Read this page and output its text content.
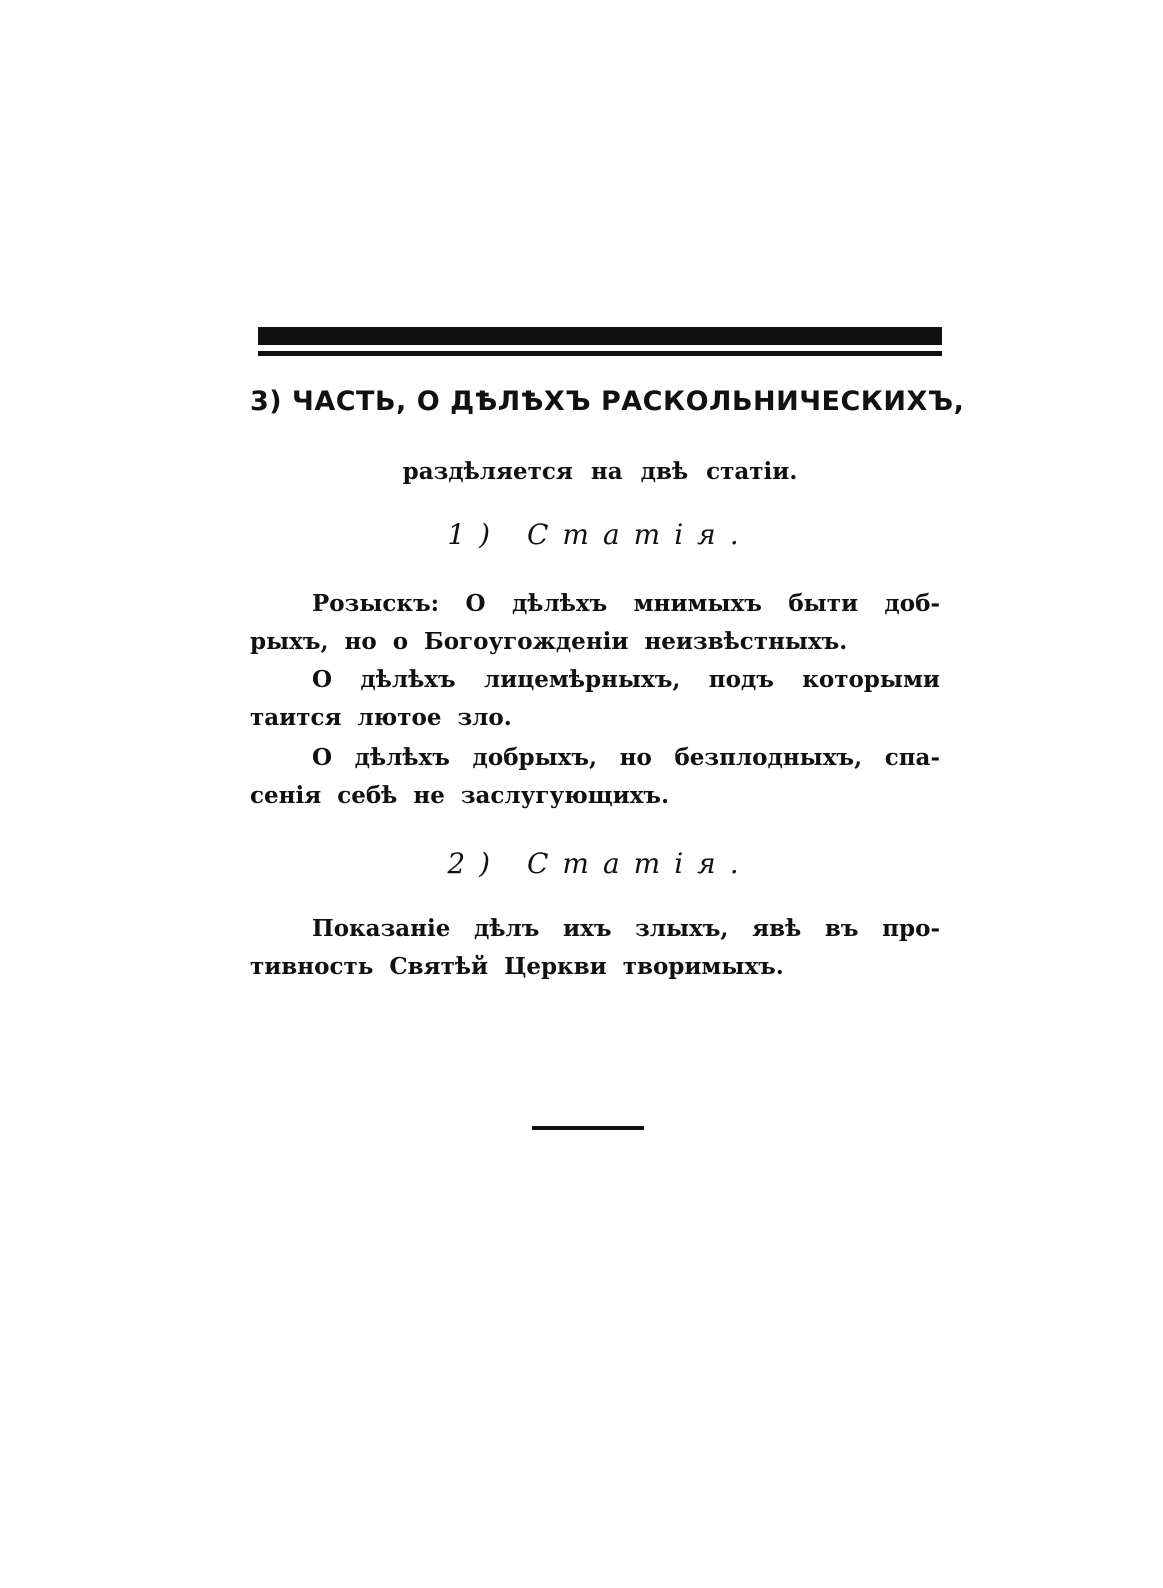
3) ЧАСТЬ, О ДѢЛѢХЪ РАСКОЛЬНИЧЕСКИХЪ,
раздѣляется на двѣ статіи.
1) Статія.
Розыскъ: О дѣлѣхъ мнимыхъ быти доб-
рыхъ, но о Богоугожденіи неизвѣстныхъ.
О дѣлѣхъ лицемѣрныхъ, подъ которыми
таится лютое зло.
О дѣлѣхъ добрыхъ, но безплодныхъ, спа-
сенія себѣ не заслугующихъ.
2) Статія.
Показаніе дѣлъ ихъ злыхъ, явѣ въ про-
тивность Святѣй Церкви творимыхъ.
